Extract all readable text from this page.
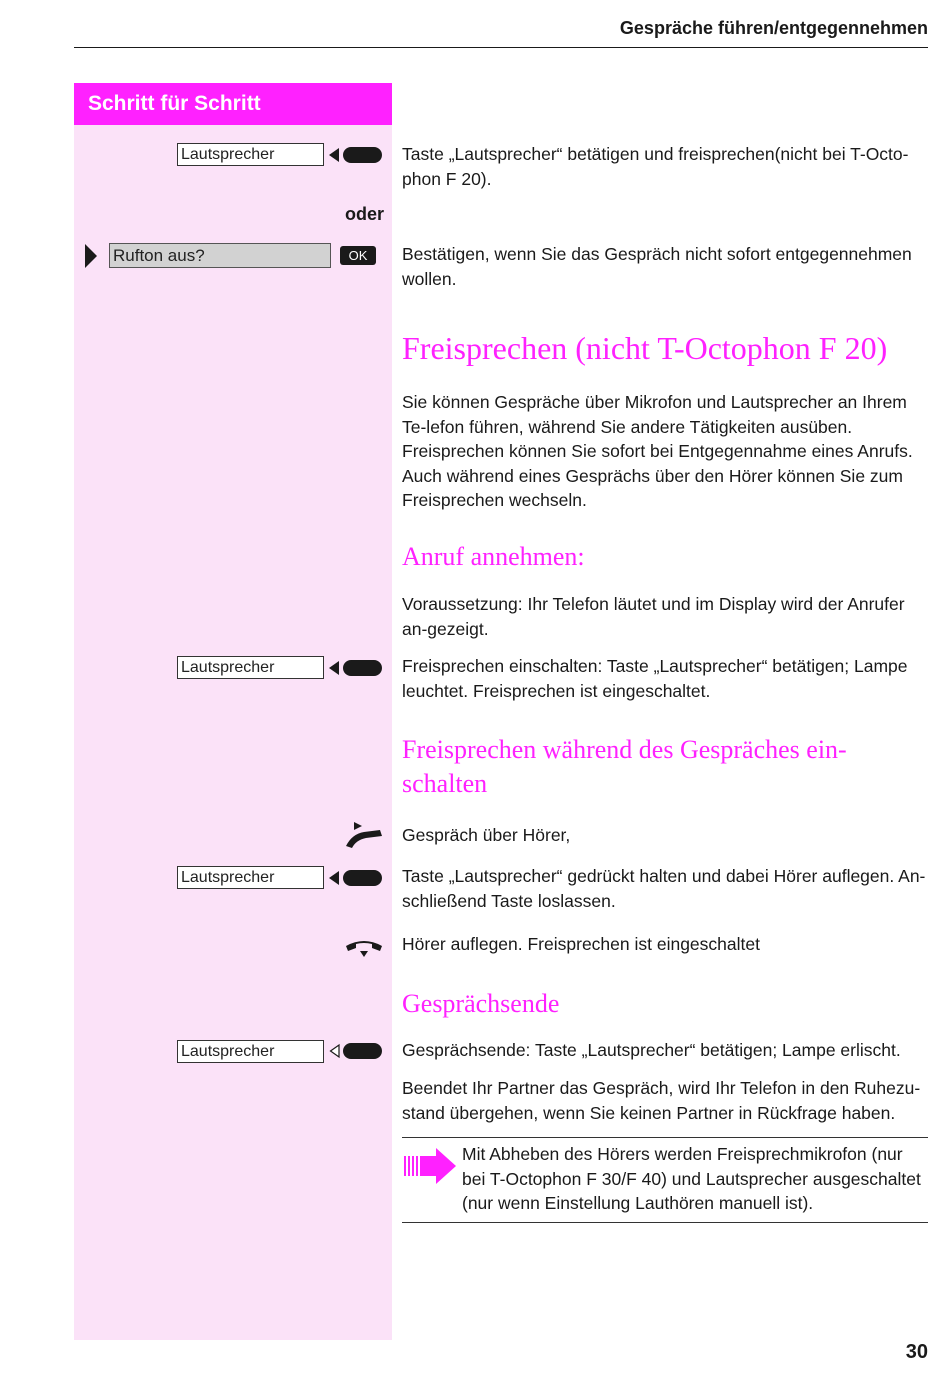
Gespräche führen/entgegennehmen
Schritt für Schritt
Lautsprecher	Taste „Lautsprecher“ betätigen und freisprechen(nicht bei T-Octo-phon F 20).
oder
Rufton aus?	OK	Bestätigen, wenn Sie das Gespräch nicht sofort entgegennehmen wollen.
Freisprechen (nicht T-Octophon F 20)
Sie können Gespräche über Mikrofon und Lautsprecher an Ihrem Te-lefon führen, während Sie andere Tätigkeiten ausüben. Freisprechen können Sie sofort bei Entgegennahme eines Anrufs. Auch während eines Gesprächs über den Hörer können Sie zum Freisprechen wechseln.
Anruf annehmen:
Voraussetzung: Ihr Telefon läutet und im Display wird der Anrufer an-gezeigt.
Lautsprecher	Freisprechen einschalten: Taste „Lautsprecher“ betätigen; Lampe leuchtet. Freisprechen ist eingeschaltet.
Freisprechen während des Gespräches ein-schalten
Gespräch über Hörer,
Lautsprecher	Taste „Lautsprecher“ gedrückt halten und dabei Hörer auflegen. An-schließend Taste loslassen.
Hörer auflegen. Freisprechen ist eingeschaltet
Gesprächsende
Lautsprecher	Gesprächsende: Taste „Lautsprecher“ betätigen; Lampe erlischt.
Beendet Ihr Partner das Gespräch, wird Ihr Telefon in den Ruhezu-stand übergehen, wenn Sie keinen Partner in Rückfrage haben.
Mit Abheben des Hörers werden Freisprechmikrofon (nur bei T-Octophon F 30/F 40) und Lautsprecher ausgeschaltet (nur wenn Einstellung Lauthören manuell ist).
30
